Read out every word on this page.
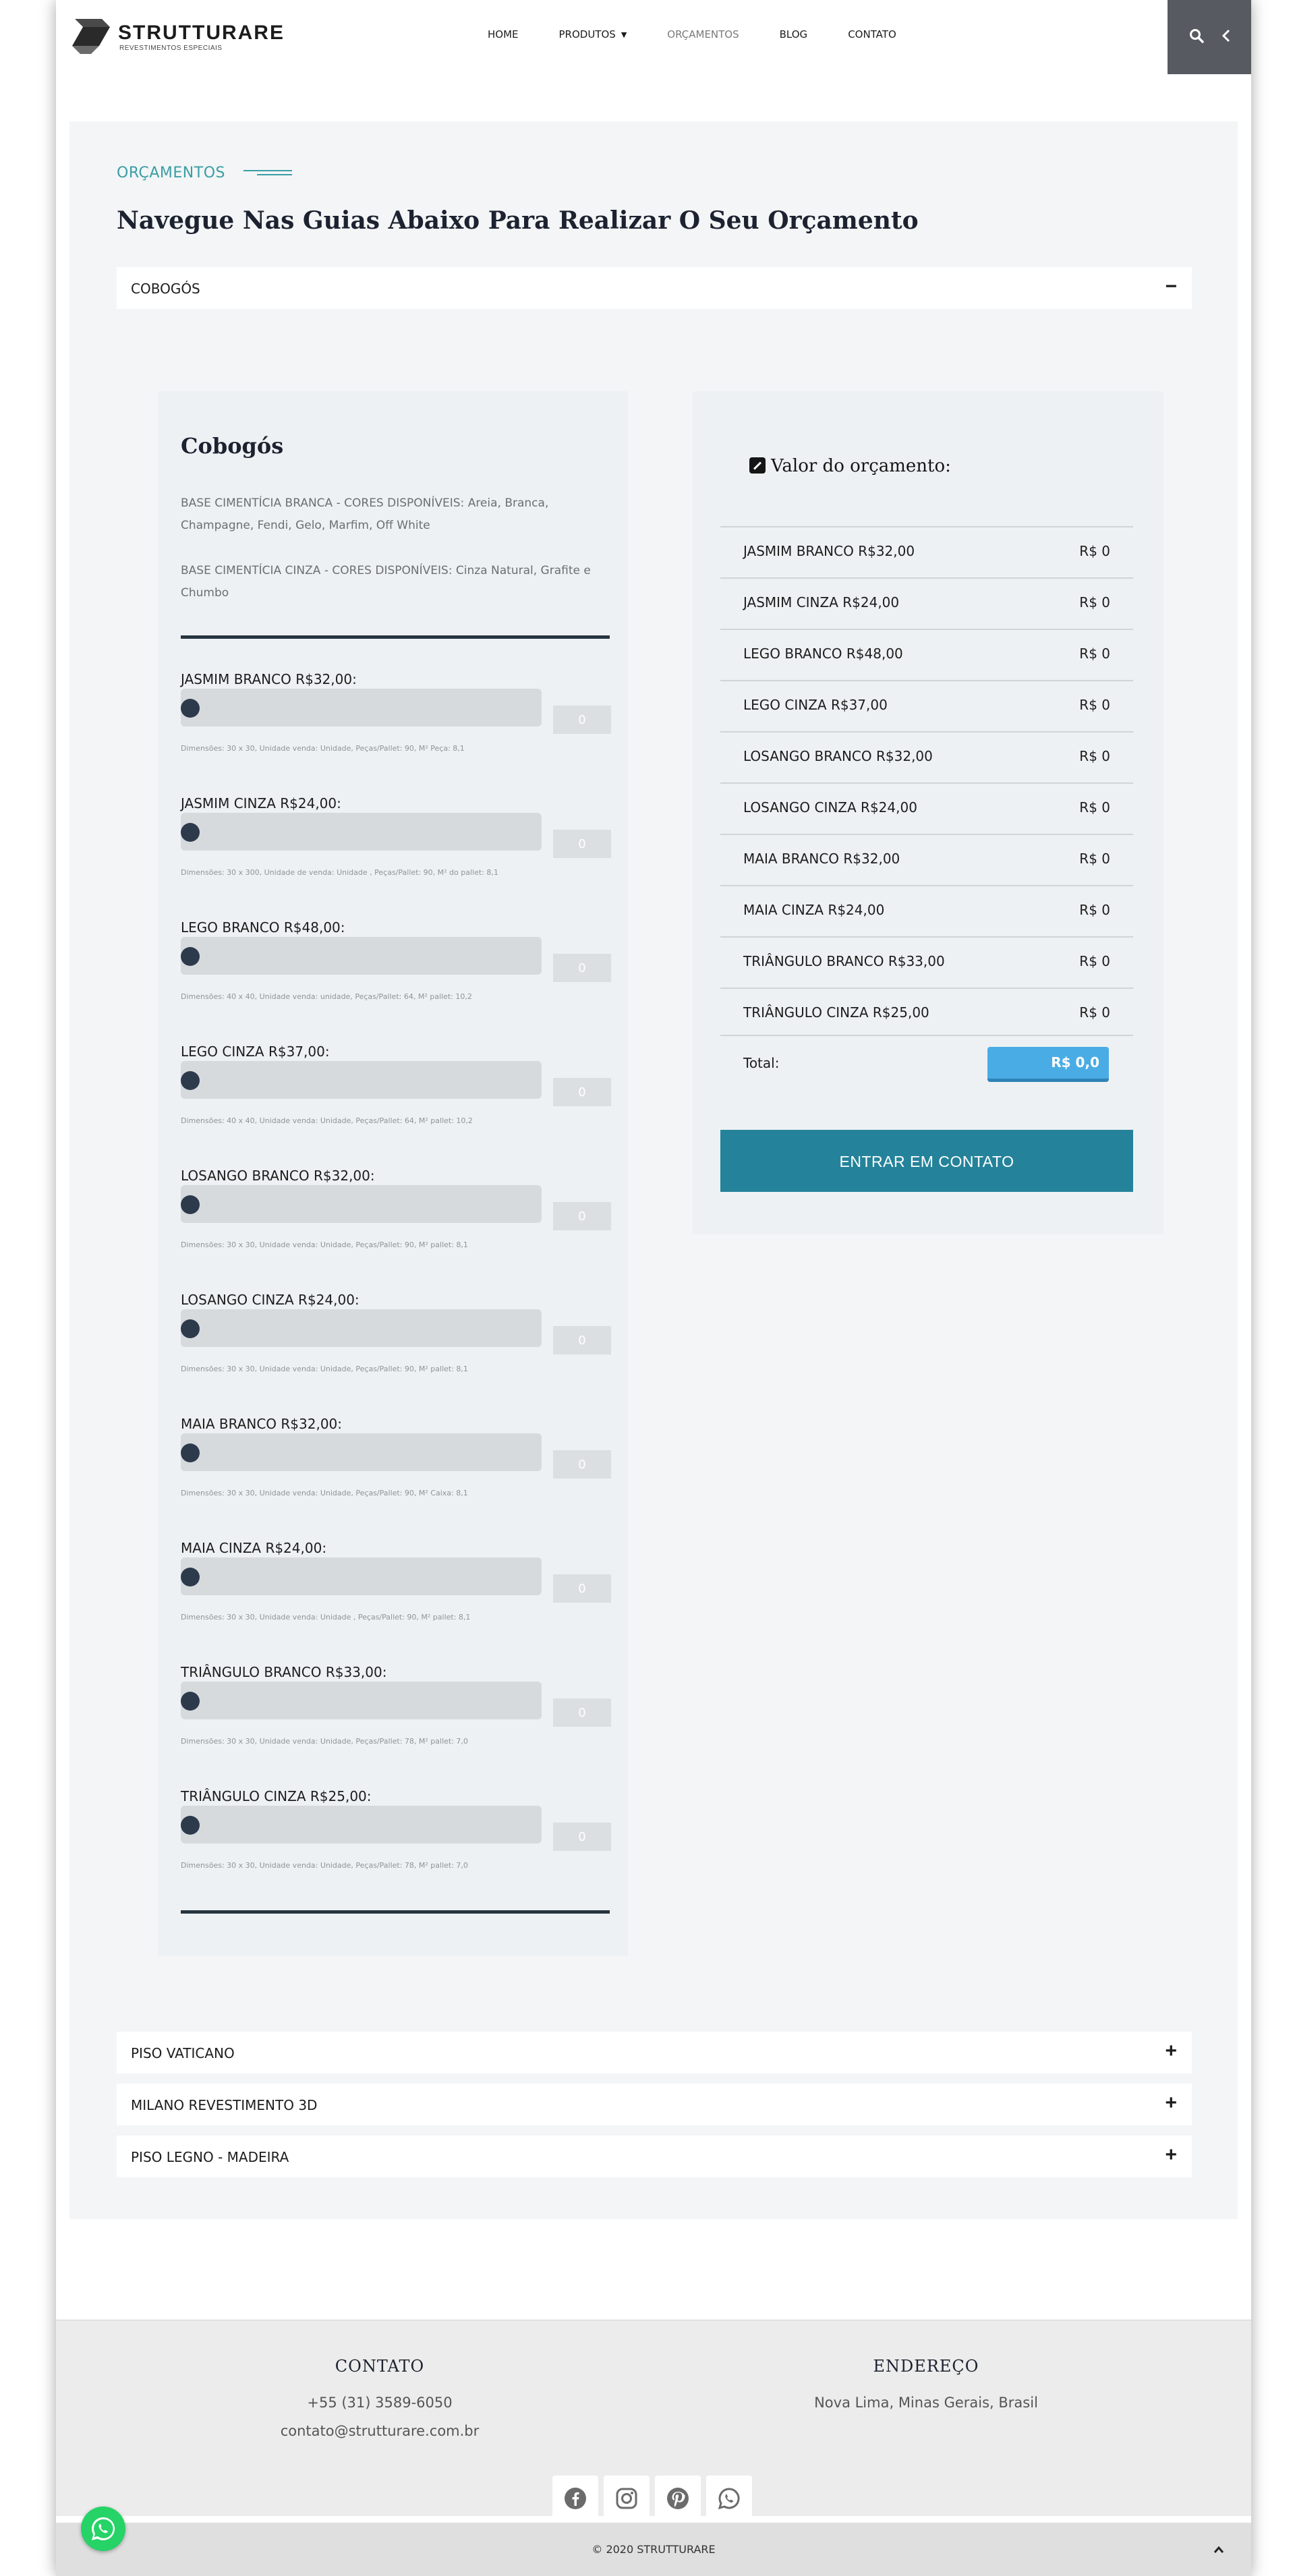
STRUTTURARE
REVESTIMENTOS ESPECIAIS
HOME	PRODUTOS ▼	ORÇAMENTOS	BLOG	CONTATO
ORÇAMENTOS
Navegue Nas Guias Abaixo Para Realizar O Seu Orçamento
COBOGÓS	−
Cobogós

BASE CIMENTÍCIA BRANCA - CORES DISPONÍVEIS: Areia, Branca, Champagne, Fendi, Gelo, Marfim, Off White

BASE CIMENTÍCIA CINZA - CORES DISPONÍVEIS: Cinza Natural, Grafite e Chumbo

JASMIM BRANCO R$32,00:
0
Dimensões: 30 x 30, Unidade venda: Unidade, Peças/Pallet: 90, M² Peça: 8,1
JASMIM CINZA R$24,00:
0
Dimensões: 30 x 300, Unidade de venda: Unidade , Peças/Pallet: 90, M² do pallet: 8,1
LEGO BRANCO R$48,00:
0
Dimensões: 40 x 40, Unidade venda: unidade, Peças/Pallet: 64, M² pallet: 10,2
LEGO CINZA R$37,00:
0
Dimensões: 40 x 40, Unidade venda: Unidade, Peças/Pallet: 64, M² pallet: 10,2
LOSANGO BRANCO R$32,00:
0
Dimensões: 30 x 30, Unidade venda: Unidade, Peças/Pallet: 90, M² pallet: 8,1
LOSANGO CINZA R$24,00:
0
Dimensões: 30 x 30, Unidade venda: Unidade, Peças/Pallet: 90, M² pallet: 8,1
MAIA BRANCO R$32,00:
0
Dimensões: 30 x 30, Unidade venda: Unidade, Peças/Pallet: 90, M² Caixa: 8,1
MAIA CINZA R$24,00:
0
Dimensões: 30 x 30, Unidade venda: Unidade , Peças/Pallet: 90, M² pallet: 8,1
TRIÂNGULO BRANCO R$33,00:
0
Dimensões: 30 x 30, Unidade venda: Unidade, Peças/Pallet: 78, M² pallet: 7,0
TRIÂNGULO CINZA R$25,00:
0
Dimensões: 30 x 30, Unidade venda: Unidade, Peças/Pallet: 78, M² pallet: 7,0
Valor do orçamento:
JASMIM BRANCO R$32,00	R$ 0
JASMIM CINZA R$24,00	R$ 0
LEGO BRANCO R$48,00	R$ 0
LEGO CINZA R$37,00	R$ 0
LOSANGO BRANCO R$32,00	R$ 0
LOSANGO CINZA R$24,00	R$ 0
MAIA BRANCO R$32,00	R$ 0
MAIA CINZA R$24,00	R$ 0
TRIÂNGULO BRANCO R$33,00	R$ 0
TRIÂNGULO CINZA R$25,00	R$ 0
Total:	R$ 0,0
ENTRAR EM CONTATO
PISO VATICANO	+
MILANO REVESTIMENTO 3D	+
PISO LEGNO - MADEIRA	+
CONTATO
+55 (31) 3589-6050
contato@strutturare.com.br
ENDEREÇO
Nova Lima, Minas Gerais, Brasil
© 2020 STRUTTURARE
